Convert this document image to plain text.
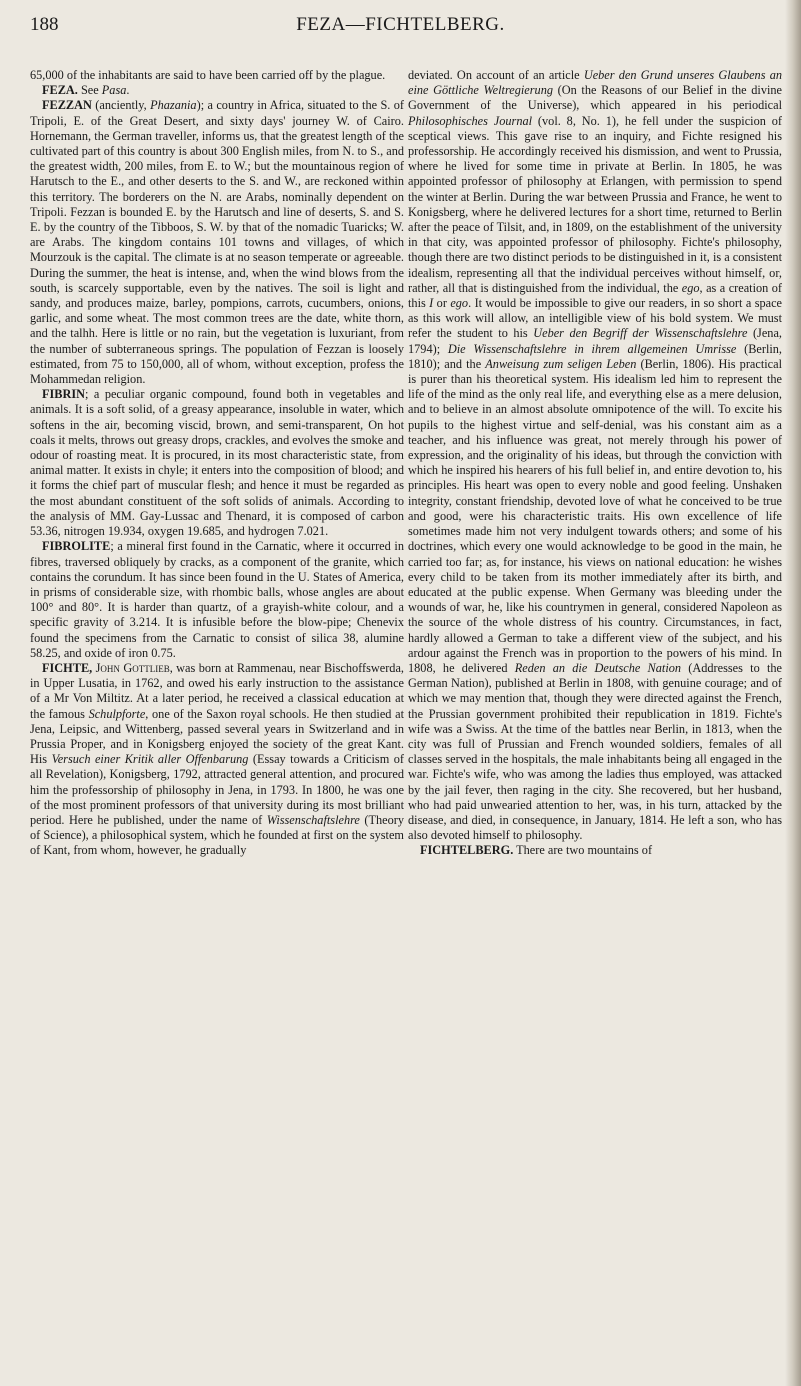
188	FEZA—FICHTELBERG.

65,000 of the inhabitants are said to have been carried off by the plague.

FEZA. See Pasa.

FEZZAN (anciently, Phazania); a country in Africa, situated to the S. of Tripoli, E. of the Great Desert, and sixty days' journey W. of Cairo. Hornemann, the German traveller, informs us, that the greatest length of the cultivated part of this country is about 300 English miles, from N. to S., and the greatest width, 200 miles, from E. to W.; but the mountainous region of Harutsch to the E., and other deserts to the S. and W., are reckoned within this territory. The borderers on the N. are Arabs, nominally dependent on Tripoli. Fezzan is bounded E. by the Harutsch and line of deserts, S. and S. E. by the country of the Tibboos, S. W. by that of the nomadic Tuaricks; W. are Arabs. The kingdom contains 101 towns and villages, of which Mourzouk is the capital. The climate is at no season temperate or agreeable. During the summer, the heat is intense, and, when the wind blows from the south, is scarcely supportable, even by the natives. The soil is light and sandy, and produces maize, barley, pompions, carrots, cucumbers, onions, garlic, and some wheat. The most common trees are the date, white thorn, and the talhh. Here is little or no rain, but the vegetation is luxuriant, from the number of subterraneous springs. The population of Fezzan is loosely estimated, from 75 to 150,000, all of whom, without exception, profess the Mohammedan religion.

FIBRIN; a peculiar organic compound, found both in vegetables and animals. It is a soft solid, of a greasy appearance, insoluble in water, which softens in the air, becoming viscid, brown, and semi-transparent, On hot coals it melts, throws out greasy drops, crackles, and evolves the smoke and odour of roasting meat. It is procured, in its most characteristic state, from animal matter. It exists in chyle; it enters into the composition of blood; and it forms the chief part of muscular flesh; and hence it must be regarded as the most abundant constituent of the soft solids of animals. According to the analysis of MM. Gay-Lussac and Thenard, it is composed of carbon 53.36, nitrogen 19.934, oxygen 19.685, and hydrogen 7.021.

FIBROLITE; a mineral first found in the Carnatic, where it occurred in fibres, traversed obliquely by cracks, as a component of the granite, which contains the corundum. It has since been found in the U. States of America, in prisms of considerable size, with rhombic balls, whose angles are about 100° and 80°. It is harder than quartz, of a grayish-white colour, and a specific gravity of 3.214. It is infusible before the blow-pipe; Chenevix found the specimens from the Carnatic to consist of silica 38, alumine 58.25, and oxide of iron 0.75.

FICHTE, John Gottlieb, was born at Rammenau, near Bischoffswerda, in Upper Lusatia, in 1762, and owed his early instruction to the assistance of a Mr Von Miltitz. At a later period, he received a classical education at the famous Schulpforte, one of the Saxon royal schools. He then studied at Jena, Leipsic, and Wittenberg, passed several years in Switzerland and in Prussia Proper, and in Konigsberg enjoyed the society of the great Kant. His Versuch einer Kritik aller Offenbarung (Essay towards a Criticism of all Revelation), Konigsberg, 1792, attracted general attention, and procured him the professorship of philosophy in Jena, in 1793. In 1800, he was one of the most prominent professors of that university during its most brilliant period. Here he published, under the name of Wissenschaftslehre (Theory of Science), a philosophical system, which he founded at first on the system of Kant, from whom, however, he gradually

deviated. On account of an article Ueber den Grund unseres Glaubens an eine Göttliche Weltregierung (On the Reasons of our Belief in the divine Government of the Universe), which appeared in his periodical Philosophisches Journal (vol. 8, No. 1), he fell under the suspicion of sceptical views. This gave rise to an inquiry, and Fichte resigned his professorship. He accordingly received his dismission, and went to Prussia, where he lived for some time in private at Berlin. In 1805, he was appointed professor of philosophy at Erlangen, with permission to spend the winter at Berlin. During the war between Prussia and France, he went to Konigsberg, where he delivered lectures for a short time, returned to Berlin after the peace of Tilsit, and, in 1809, on the establishment of the university in that city, was appointed professor of philosophy. Fichte's philosophy, though there are two distinct periods to be distinguished in it, is a consistent idealism, representing all that the individual perceives without himself, or, rather, all that is distinguished from the individual, the ego, as a creation of this I or ego. It would be impossible to give our readers, in so short a space as this work will allow, an intelligible view of his bold system. We must refer the student to his Ueber den Begriff der Wissenschaftslehre (Jena, 1794); Die Wissenschaftslehre in ihrem allgemeinen Umrisse (Berlin, 1810); and the Anweisung zum seligen Leben (Berlin, 1806). His practical is purer than his theoretical system. His idealism led him to represent the life of the mind as the only real life, and everything else as a mere delusion, and to believe in an almost absolute omnipotence of the will. To excite his pupils to the highest virtue and self-denial, was his constant aim as a teacher, and his influence was great, not merely through his power of expression, and the originality of his ideas, but through the conviction with which he inspired his hearers of his full belief in, and entire devotion to, his principles. His heart was open to every noble and good feeling. Unshaken integrity, constant friendship, devoted love of what he conceived to be true and good, were his characteristic traits. His own excellence of life sometimes made him not very indulgent towards others; and some of his doctrines, which every one would acknowledge to be good in the main, he carried too far; as, for instance, his views on national education: he wishes every child to be taken from its mother immediately after its birth, and educated at the public expense. When Germany was bleeding under the wounds of war, he, like his countrymen in general, considered Napoleon as the source of the whole distress of his country. Circumstances, in fact, hardly allowed a German to take a different view of the subject, and his ardour against the French was in proportion to the powers of his mind. In 1808, he delivered Reden an die Deutsche Nation (Addresses to the German Nation), published at Berlin in 1808, with genuine courage; and of which we may mention that, though they were directed against the French, the Prussian government prohibited their republication in 1819. Fichte's wife was a Swiss. At the time of the battles near Berlin, in 1813, when the city was full of Prussian and French wounded soldiers, females of all classes served in the hospitals, the male inhabitants being all engaged in the war. Fichte's wife, who was among the ladies thus employed, was attacked by the jail fever, then raging in the city. She recovered, but her husband, who had paid unwearied attention to her, was, in his turn, attacked by the disease, and died, in consequence, in January, 1814. He left a son, who has also devoted himself to philosophy.

FICHTELBERG. There are two mountains of
